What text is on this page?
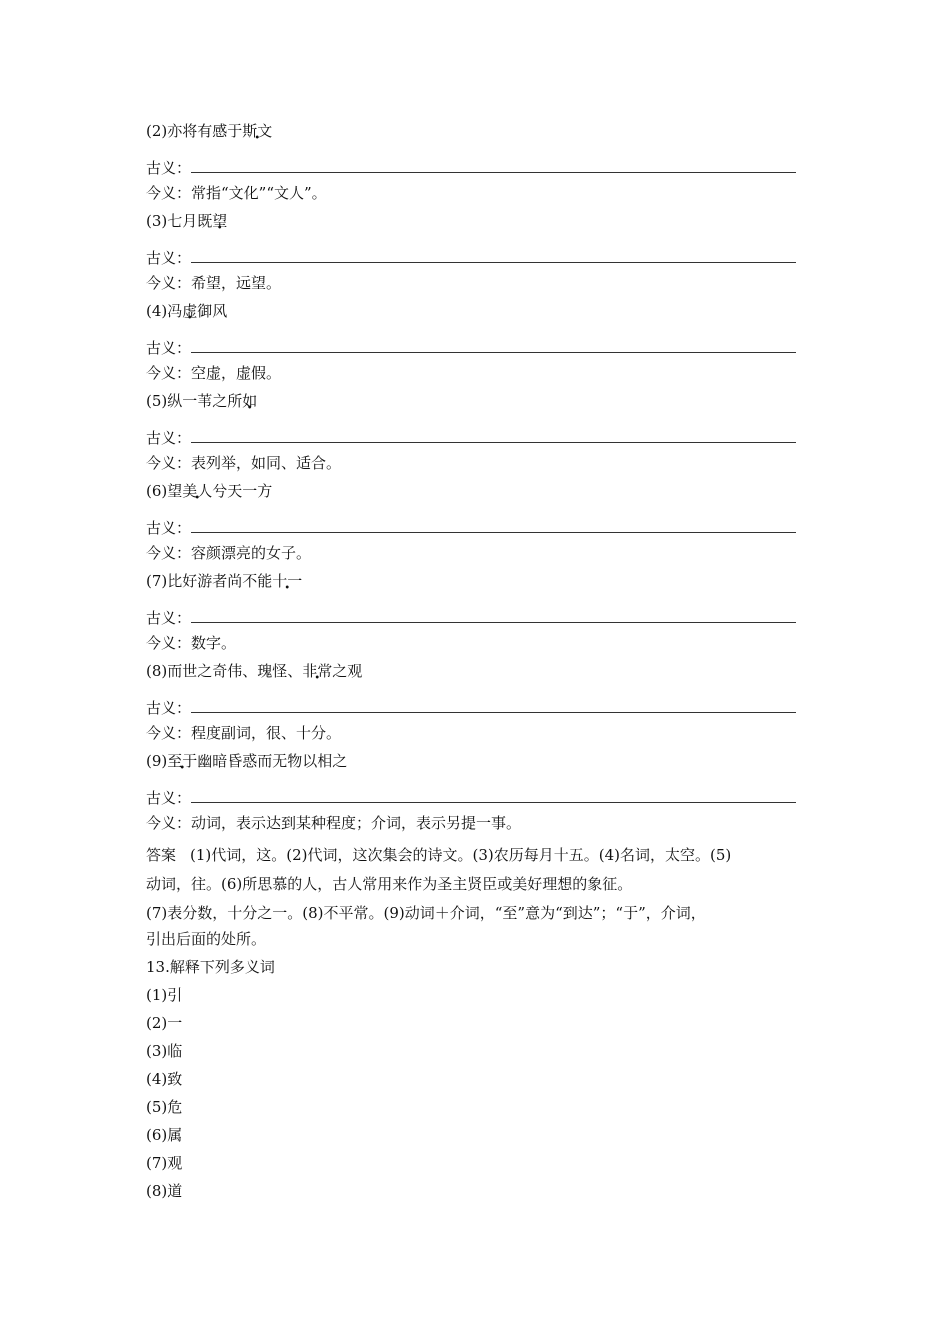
(2)亦将有感于斯文
古义：
今义：常指“文化”“文人”。
(3)七月既望
古义：
今义：希望，远望。
(4)冯虚御风
古义：
今义：空虚，虚假。
(5)纵一苇之所如
古义：
今义：表列举，如同、适合。
(6)望美人兮天一方
古义：
今义：容颜漂亮的女子。
(7)比好游者尚不能十一
古义：
今义：数字。
(8)而世之奇伟、瑰怪、非常之观
古义：
今义：程度副词，很、十分。
(9)至于幽暗昏惑而无物以相之
古义：
今义：动词，表示达到某种程度；介词，表示另提一事。
答案 (1)代词，这。(2)代词，这次集会的诗文。(3)农历每月十五。(4)名词，太空。(5)
动词，往。(6)所思慕的人，古人常用来作为圣主贤臣或美好理想的象征。
(7)表分数，十分之一。(8)不平常。(9)动词＋介词，“至”意为“到达”；“于”，介词，
引出后面的处所。
13.解释下列多义词
(1)引
(2)一
(3)临
(4)致
(5)危
(6)属
(7)观
(8)道
